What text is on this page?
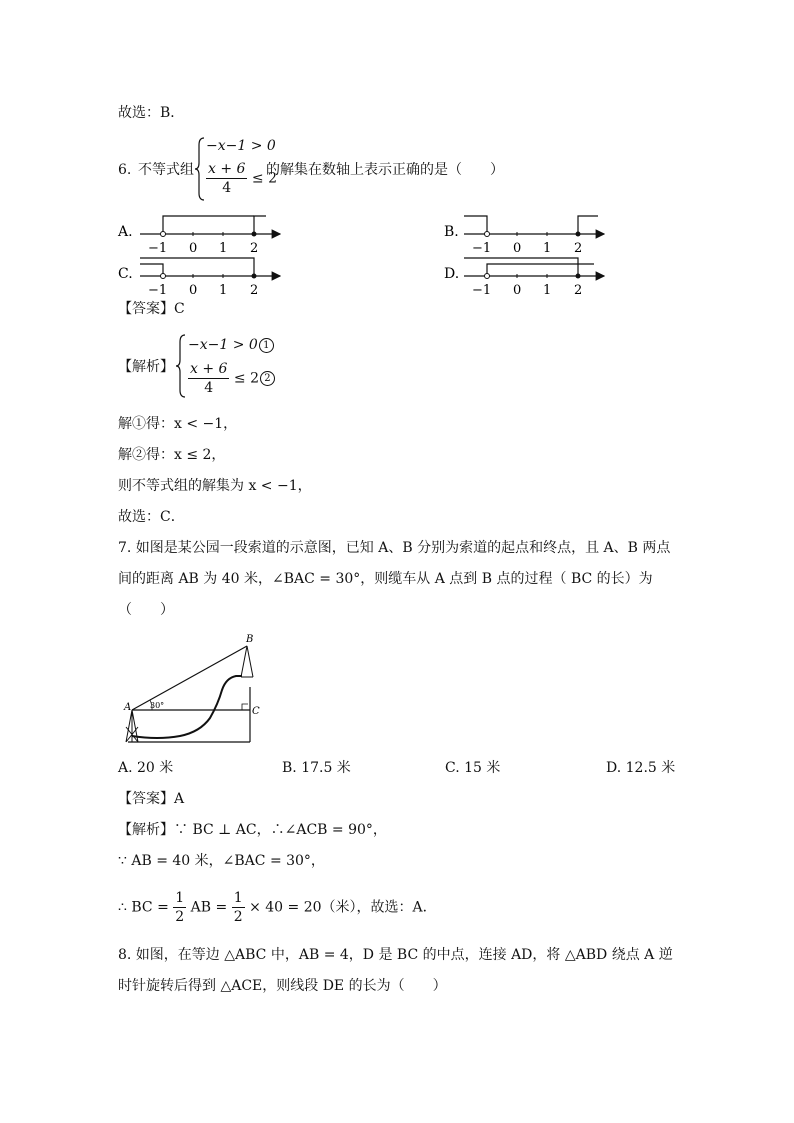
故选：B．
6. 不等式组
−x−1 > 0
$\frac{x + 6}{4} \le 2$
的解集在数轴上表示正确的是（　　）
A.
−1 0 1 2
C.
−1 0 1 2
B.
−1 0 1 2
D.
−1 0 1 2
【答案】C
【解析】
−x−1 > 0 1
$\frac{x + 6}{4} \le 2$ 2
解①得：x < −1，
解②得：x ≤ 2，
则不等式组的解集为 x < −1，
故选：C．
7. 如图是某公园一段索道的示意图，已知 A、B 分别为索道的起点和终点，且 A、B 两点
间的距离 AB 为 40 米，∠BAC = 30°，则缆车从 A 点到 B 点的过程（ BC 的长）为
（　　）
A
B
C
30°
A. 20 米	B. 17.5 米	C. 15 米	D. 12.5 米
【答案】A
【解析】∵ BC ⊥ AC，∴∠ACB = 90°，
∵ AB = 40 米，∠BAC = 30°，
∴ BC = $\frac{1}{2}$ AB = $\frac{1}{2} \times 40 = 20$（米），故选：A．
8. 如图，在等边 △ABC 中，AB = 4，D 是 BC 的中点，连接 AD，将 △ABD 绕点 A 逆
时针旋转后得到 △ACE，则线段 DE 的长为（　　）
